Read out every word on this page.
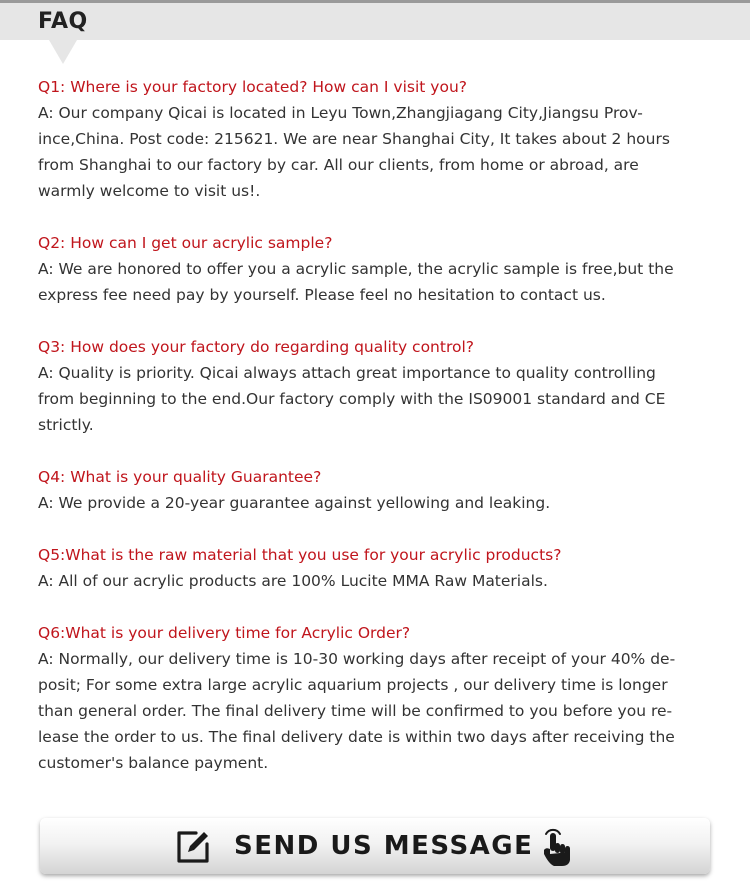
FAQ
Q1: Where is your factory located? How can I visit you?
A: Our company Qicai is located in Leyu Town,Zhangjiagang City,Jiangsu Prov-
ince,China. Post code: 215621. We are near Shanghai City, It takes about 2 hours
from Shanghai to our factory by car. All our clients, from home or abroad, are
warmly welcome to visit us!.
Q2: How can I get our acrylic sample?
A: We are honored to offer you a acrylic sample, the acrylic sample is free,but the
express fee need pay by yourself. Please feel no hesitation to contact us.
Q3: How does your factory do regarding quality control?
A: Quality is priority. Qicai always attach great importance to quality controlling
from beginning to the end.Our factory comply with the IS09001 standard and CE
strictly.
Q4: What is your quality Guarantee?
A: We provide a 20-year guarantee against yellowing and leaking.
Q5:What is the raw material that you use for your acrylic products?
A: All of our acrylic products are 100% Lucite MMA Raw Materials.
Q6:What is your delivery time for Acrylic Order?
A: Normally, our delivery time is 10-30 working days after receipt of your 40% de-
posit; For some extra large acrylic aquarium projects , our delivery time is longer
than general order. The final delivery time will be confirmed to you before you re-
lease the order to us. The final delivery date is within two days after receiving the
customer's balance payment.
SEND US MESSAGE
